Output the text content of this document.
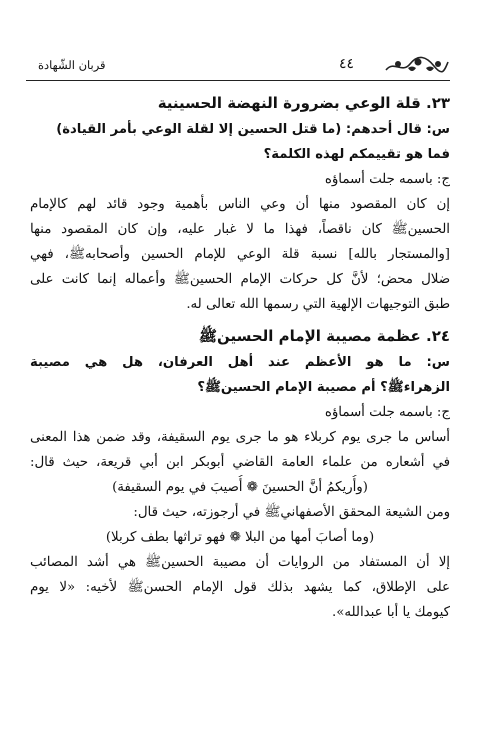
قربان الشّهادة	٤٤
٢٣. قلة الوعي بضرورة النهضة الحسينية
س: قال أحدهم: (ما قتل الحسين إلا لقلة الوعي بأمر القيادة)
فما هو تقييمكم لهذه الكلمة؟
ج: باسمه جلت أسماؤه
إن كان المقصود منها أن وعي الناس بأهمية وجود قائد لهم كالإمام
الحسينﷺ كان ناقصاً، فهذا ما لا غبار عليه، وإن كان المقصود منها
[والمستجار بالله] نسبة قلة الوعي للإمام الحسين وأصحابهﷺ، فهي
ضلال محض؛ لأنَّ كل حركات الإمام الحسينﷺ وأعماله إنما كانت على
طبق التوجيهات الإلهية التي رسمها الله تعالى له.
٢٤. عظمة مصيبة الإمام الحسينﷺ
س: ما هو الأعظم عند أهل العرفان، هل هي مصيبة
الزهراءﷺ؟ أم مصيبة الإمام الحسينﷺ؟
ج: باسمه جلت أسماؤه
أساس ما جرى يوم كربلاء هو ما جرى يوم السقيفة، وقد ضمن هذا المعنى
في أشعاره من علماء العامة القاضي أبوبكر ابن أبي قريعة، حيث قال:
(وأُريكمُ أنَّ الحسينَ ❁ أُصيبَ في يوم السقيفة)
ومن الشيعة المحقق الأصفهانيﷺ في أرجوزته، حيث قال:
(وما أصابَ أمها من البلا ❁ فهو تراثها بطف كربلا)
إلا أن المستفاد من الروايات أن مصيبة الحسينﷺ هي أشد المصائب
على الإطلاق، كما يشهد بذلك قول الإمام الحسنﷺ لأخيه: «لا يوم
كيومك يا أبا عبدالله».
